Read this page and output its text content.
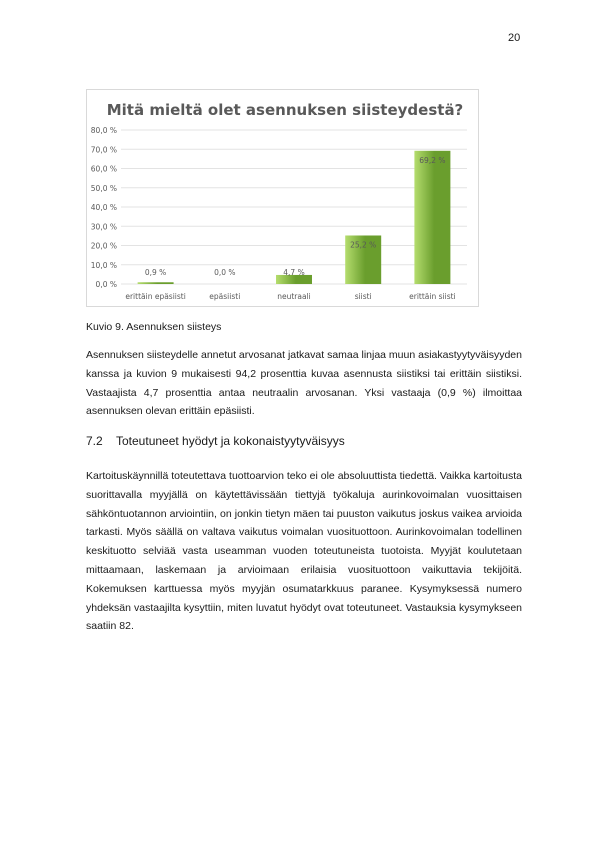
20
Mitä mieltä olet asennuksen siisteydestä?
0,0 %
10,0 %
20,0 %
30,0 %
40,0 %
50,0 %
60,0 %
70,0 %
80,0 %
0,9 %	0,0 %	4,7 %
25,2 %
69,2 %
erittäin epäsiisti	epäsiisti	neutraali	siisti	erittäin siisti
Kuvio 9. Asennuksen siisteys

Asennuksen siisteydelle annetut arvosanat jatkavat samaa linjaa muun asiakastyytyväisyyden kanssa ja kuvion 9 mukaisesti 94,2 prosenttia kuvaa asennusta siistiksi tai erittäin siistiksi. Vastaajista 4,7 prosenttia antaa neutraalin arvosanan. Yksi vastaaja (0,9 %) ilmoittaa asennuksen olevan erittäin epäsiisti.

7.2 Toteutuneet hyödyt ja kokonaistyytyväisyys

Kartoituskäynnillä toteutettava tuottoarvion teko ei ole absoluuttista tiedettä. Vaikka kartoitusta suorittavalla myyjällä on käytettävissään tiettyjä työkaluja aurinkovoimalan vuosittaisen sähköntuotannon arviointiin, on jonkin tietyn mäen tai puuston vaikutus joskus vaikea arvioida tarkasti. Myös säällä on valtava vaikutus voimalan vuosituottoon. Aurinkovoimalan todellinen keskituotto selviää vasta useamman vuoden toteutuneista tuotoista. Myyjät koulutetaan mittaamaan, laskemaan ja arvioimaan erilaisia vuosituottoon vaikuttavia tekijöitä. Kokemuksen karttuessa myös myyjän osumatarkkuus paranee. Kysymyksessä numero yhdeksän vastaajilta kysyttiin, miten luvatut hyödyt ovat toteutuneet. Vastauksia kysymykseen saatiin 82.
